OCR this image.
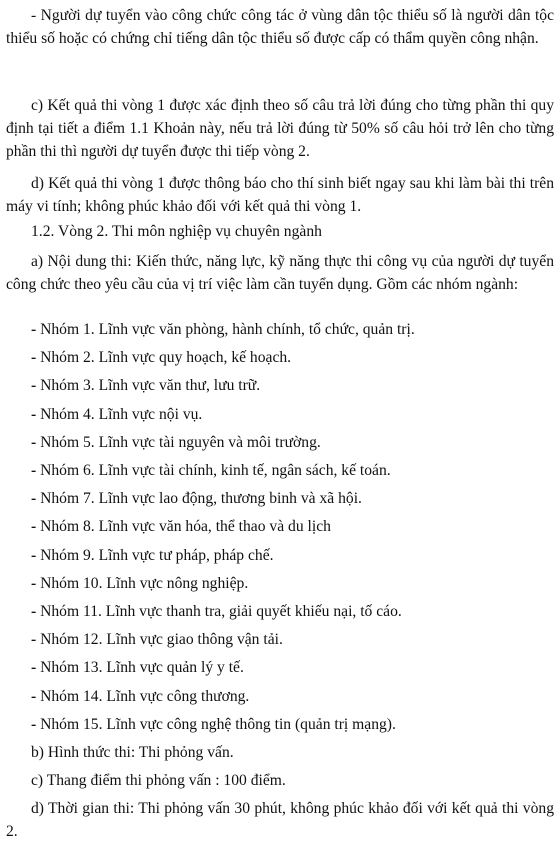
- Người dự tuyển vào công chức công tác ở vùng dân tộc thiểu số là người dân tộc thiểu số hoặc có chứng chỉ tiếng dân tộc thiểu số được cấp có thẩm quyền công nhận.

c) Kết quả thi vòng 1 được xác định theo số câu trả lời đúng cho từng phần thi quy định tại tiết a điểm 1.1 Khoản này, nếu trả lời đúng từ 50% số câu hỏi trở lên cho từng phần thi thì người dự tuyển được thi tiếp vòng 2.

d) Kết quả thi vòng 1 được thông báo cho thí sinh biết ngay sau khi làm bài thi trên máy vi tính; không phúc khảo đối với kết quả thi vòng 1.

1.2. Vòng 2. Thi môn nghiệp vụ chuyên ngành

a) Nội dung thi: Kiến thức, năng lực, kỹ năng thực thi công vụ của người dự tuyển công chức theo yêu cầu của vị trí việc làm cần tuyển dụng. Gồm các nhóm ngành:

- Nhóm 1. Lĩnh vực văn phòng, hành chính, tổ chức, quản trị.
- Nhóm 2. Lĩnh vực quy hoạch, kế hoạch.
- Nhóm 3. Lĩnh vực văn thư, lưu trữ.
- Nhóm 4. Lĩnh vực nội vụ.
- Nhóm 5. Lĩnh vực tài nguyên và môi trường.
- Nhóm 6. Lĩnh vực tài chính, kinh tế, ngân sách, kế toán.
- Nhóm 7. Lĩnh vực lao động, thương binh và xã hội.
- Nhóm 8. Lĩnh vực văn hóa, thể thao và du lịch
- Nhóm 9. Lĩnh vực tư pháp, pháp chế.
- Nhóm 10. Lĩnh vực nông nghiệp.
- Nhóm 11. Lĩnh vực thanh tra, giải quyết khiếu nại, tố cáo.
- Nhóm 12. Lĩnh vực giao thông vận tải.
- Nhóm 13. Lĩnh vực quản lý y tế.
- Nhóm 14. Lĩnh vực công thương.
- Nhóm 15. Lĩnh vực công nghệ thông tin (quản trị mạng).

b) Hình thức thi: Thi phỏng vấn.

c) Thang điểm thi phỏng vấn : 100 điểm.

d) Thời gian thi: Thi phỏng vấn 30 phút, không phúc khảo đối với kết quả thi vòng 2.
